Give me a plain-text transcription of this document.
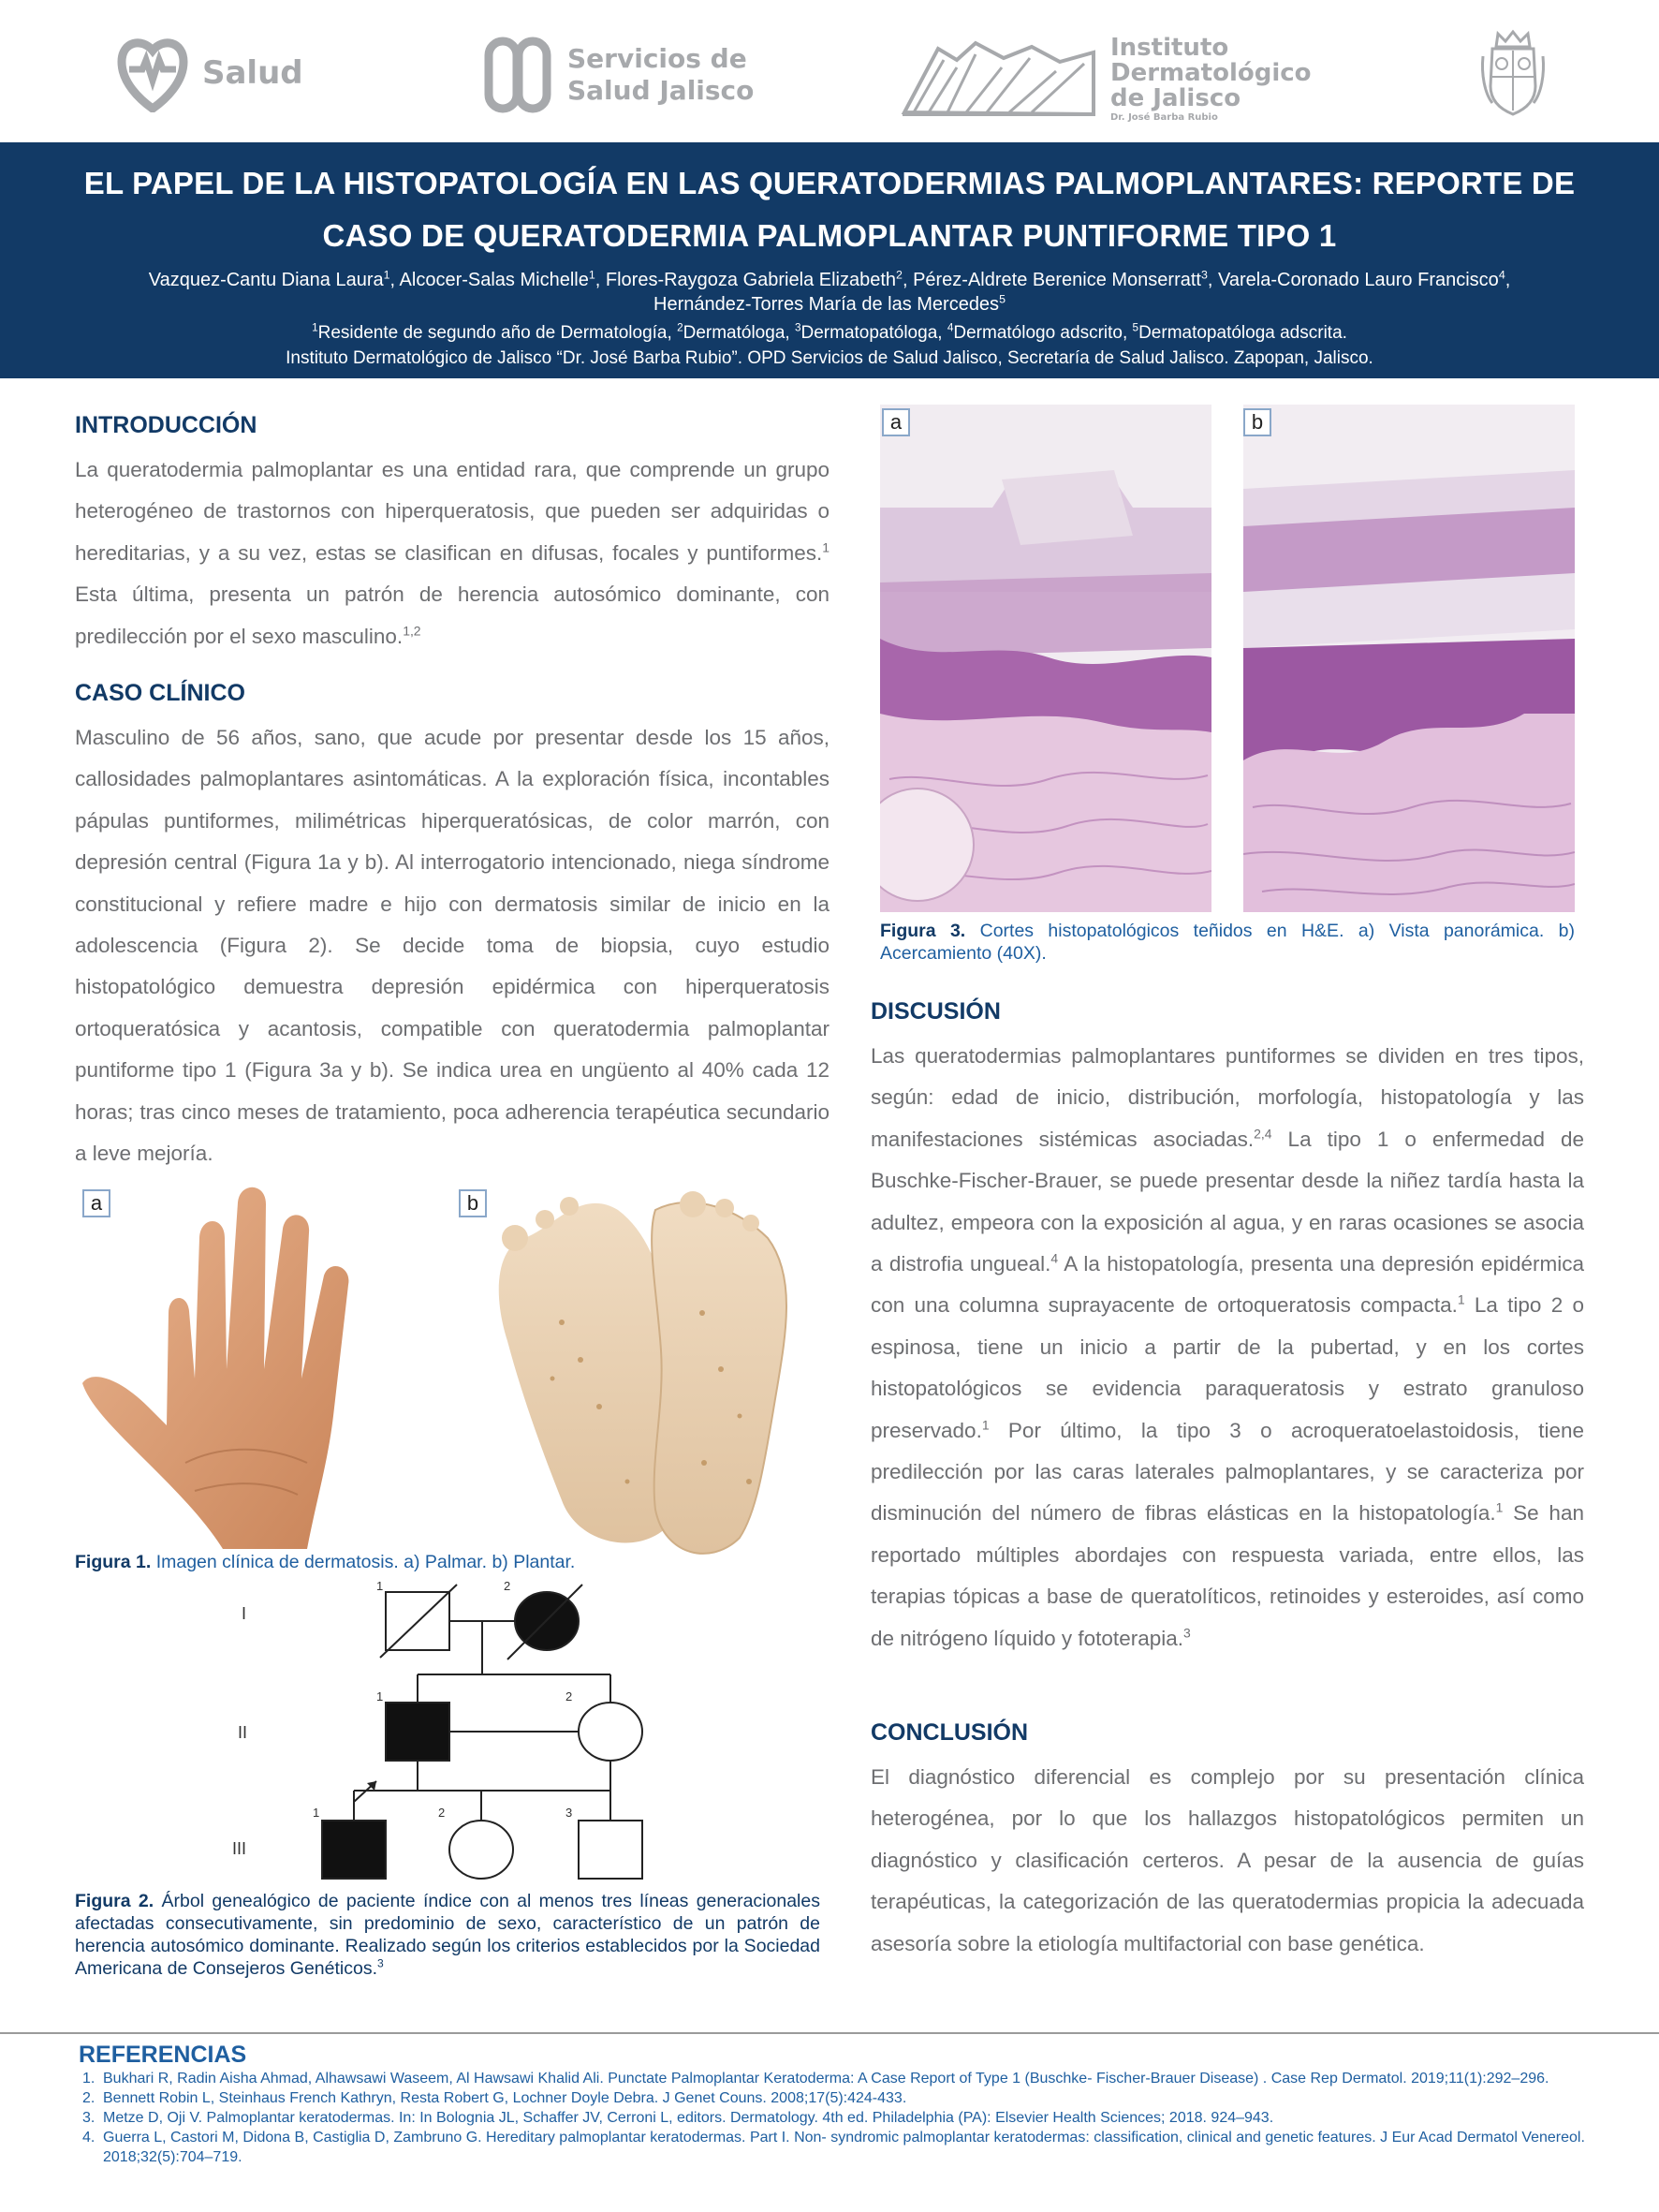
Salud	Servicios de
Salud Jalisco
Instituto
Dermatológico
de Jalisco
Dr. José Barba Rubio
EL PAPEL DE LA HISTOPATOLOGÍA EN LAS QUERATODERMIAS PALMOPLANTARES: REPORTE DE
CASO DE QUERATODERMIA PALMOPLANTAR PUNTIFORME TIPO 1
Vazquez-Cantu Diana Laura$^1$, Alcocer-Salas Michelle$^1$, Flores-Raygoza Gabriela Elizabeth$^2$, Pérez-Aldrete Berenice Monserratt$^3$, Varela-Coronado Lauro Francisco$^4$,
Hernández-Torres María de las Mercedes$^5$
$^1$Residente de segundo año de Dermatología, $^2$Dermatóloga, $^3$Dermatopatóloga, $^4$Dermatólogo adscrito, $^5$Dermatopatóloga adscrita.
Instituto Dermatológico de Jalisco “Dr. José Barba Rubio”. OPD Servicios de Salud Jalisco, Secretaría de Salud Jalisco. Zapopan, Jalisco.
INTRODUCCIÓN
La queratodermia palmoplantar es una entidad rara, que comprende un grupo heterogéneo de trastornos con hiperqueratosis, que pueden ser adquiridas o hereditarias, y a su vez, estas se clasifican en difusas, focales y puntiformes.$^1$ Esta última, presenta un patrón de herencia autosómico dominante, con predilección por el sexo masculino.$^{1,2}$
CASO CLÍNICO
Masculino de 56 años, sano, que acude por presentar desde los 15 años, callosidades palmoplantares asintomáticas. A la exploración física, incontables pápulas puntiformes, milimétricas hiperqueratósicas, de color marrón, con depresión central (Figura 1a y b). Al interrogatorio intencionado, niega síndrome constitucional y refiere madre e hijo con dermatosis similar de inicio en la adolescencia (Figura 2). Se decide toma de biopsia, cuyo estudio histopatológico demuestra depresión epidérmica con hiperqueratosis ortoqueratósica y acantosis, compatible con queratodermia palmoplantar puntiforme tipo 1 (Figura 3a y b). Se indica urea en ungüento al 40% cada 12 horas; tras cinco meses de tratamiento, poca adherencia terapéutica secundario a leve mejoría.
a	b
Figura 1. Imagen clínica de dermatosis. a) Palmar. b) Plantar.
I
II
III
1	2
1	2
1	2	3
Figura 2. Árbol genealógico de paciente índice con al menos tres líneas generacionales afectadas consecutivamente, sin predominio de sexo, característico de un patrón de herencia autosómico dominante. Realizado según los criterios establecidos por la Sociedad Americana de Consejeros Genéticos.$^3$
a	b
Figura 3. Cortes histopatológicos teñidos en H&E. a) Vista panorámica. b) Acercamiento (40X).
DISCUSIÓN
Las queratodermias palmoplantares puntiformes se dividen en tres tipos, según: edad de inicio, distribución, morfología, histopatología y las manifestaciones sistémicas asociadas.$^{2,4}$ La tipo 1 o enfermedad de Buschke-Fischer-Brauer, se puede presentar desde la niñez tardía hasta la adultez, empeora con la exposición al agua, y en raras ocasiones se asocia a distrofia ungueal.$^4$ A la histopatología, presenta una depresión epidérmica con una columna suprayacente de ortoqueratosis compacta.$^1$ La tipo 2 o espinosa, tiene un inicio a partir de la pubertad, y en los cortes histopatológicos se evidencia paraqueratosis y estrato granuloso preservado.$^1$ Por último, la tipo 3 o acroqueratoelastoidosis, tiene predilección por las caras laterales palmoplantares, y se caracteriza por disminución del número de fibras elásticas en la histopatología.$^1$ Se han reportado múltiples abordajes con respuesta variada, entre ellos, las terapias tópicas a base de queratolíticos, retinoides y esteroides, así como de nitrógeno líquido y fototerapia.$^3$
CONCLUSIÓN
El diagnóstico diferencial es complejo por su presentación clínica heterogénea, por lo que los hallazgos histopatológicos permiten un diagnóstico y clasificación certeros. A pesar de la ausencia de guías terapéuticas, la categorización de las queratodermias propicia la adecuada asesoría sobre la etiología multifactorial con base genética.
REFERENCIAS
1. Bukhari R, Radin Aisha Ahmad, Alhawsawi Waseem, Al Hawsawi Khalid Ali. Punctate Palmoplantar Keratoderma: A Case Report of Type 1 (Buschke- Fischer-Brauer Disease) . Case Rep Dermatol. 2019;11(1):292–296.
2. Bennett Robin L, Steinhaus French Kathryn, Resta Robert G, Lochner Doyle Debra. J Genet Couns. 2008;17(5):424-433.
3. Metze D, Oji V. Palmoplantar keratodermas. In: In Bolognia JL, Schaffer JV, Cerroni L, editors. Dermatology. 4th ed. Philadelphia (PA): Elsevier Health Sciences; 2018. 924–943.
4. Guerra L, Castori M, Didona B, Castiglia D, Zambruno G. Hereditary palmoplantar keratodermas. Part I. Non- syndromic palmoplantar keratodermas: classification, clinical and genetic features. J Eur Acad Dermatol Venereol. 2018;32(5):704–719.
